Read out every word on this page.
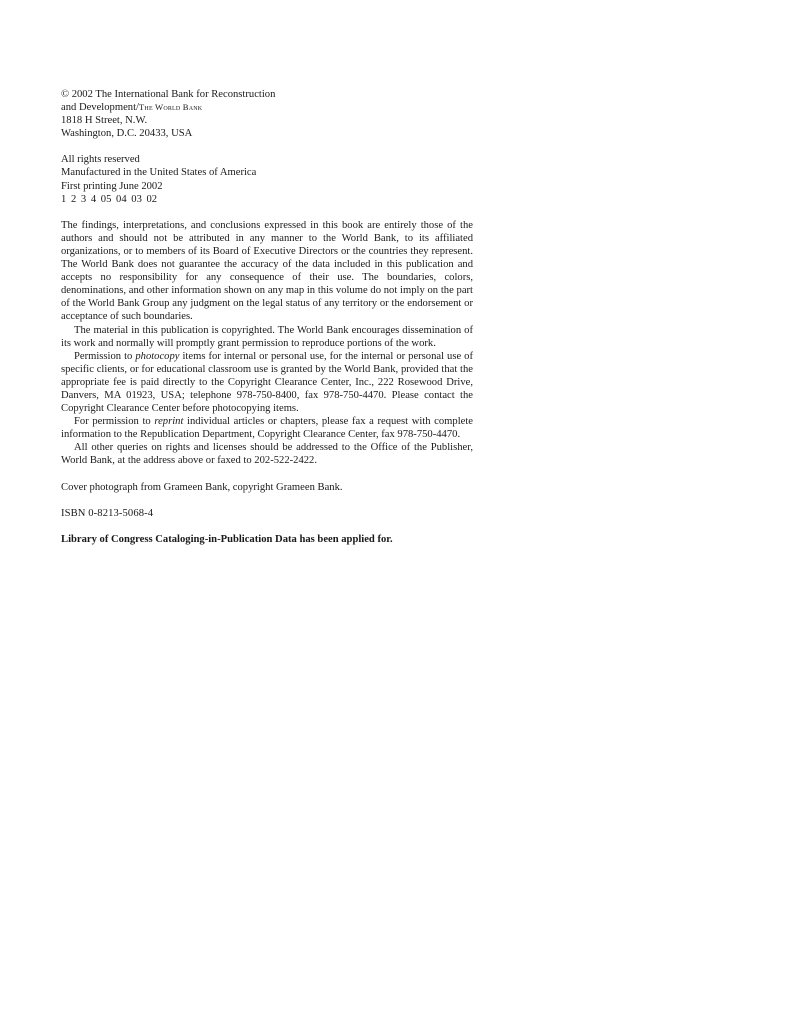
© 2002 The International Bank for Reconstruction

and Development/The World Bank

1818 H Street, N.W.

Washington, D.C. 20433, USA

All rights reserved

Manufactured in the United States of America

First printing June 2002

1 2 3 4 05 04 03 02

The findings, interpretations, and conclusions expressed in this book are entirely those of the authors and should not be attributed in any manner to the World Bank, to its affiliated organizations, or to members of its Board of Executive Directors or the countries they represent. The World Bank does not guarantee the accuracy of the data included in this publication and accepts no responsibility for any consequence of their use. The boundaries, colors, denominations, and other information shown on any map in this volume do not imply on the part of the World Bank Group any judgment on the legal status of any territory or the endorsement or acceptance of such boundaries.

The material in this publication is copyrighted. The World Bank encourages dissemination of its work and normally will promptly grant permission to reproduce portions of the work.

Permission to photocopy items for internal or personal use, for the internal or personal use of specific clients, or for educational classroom use is granted by the World Bank, provided that the appropriate fee is paid directly to the Copyright Clearance Center, Inc., 222 Rosewood Drive, Danvers, MA 01923, USA; telephone 978-750-8400, fax 978-750-4470. Please contact the Copyright Clearance Center before photocopying items.

For permission to reprint individual articles or chapters, please fax a request with complete information to the Republication Department, Copyright Clearance Center, fax 978-750-4470.

All other queries on rights and licenses should be addressed to the Office of the Publisher, World Bank, at the address above or faxed to 202-522-2422.

Cover photograph from Grameen Bank, copyright Grameen Bank.

ISBN 0-8213-5068-4

Library of Congress Cataloging-in-Publication Data has been applied for.
